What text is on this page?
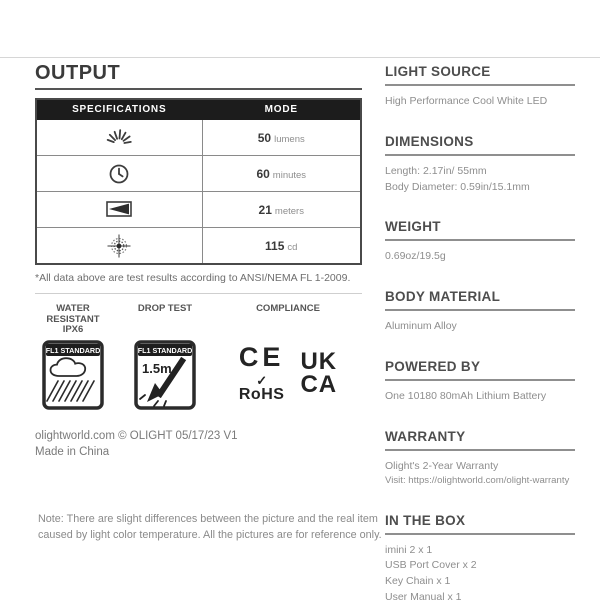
OUTPUT
SPECIFICATIONS	MODE
	50 lumens
	60 minutes
	21 meters
	115 cd
*All data above are test results according to ANSI/NEMA FL 1-2009.
WATER
RESISTANT
IPX6
FL1 STANDARD
DROP TEST
FL1 STANDARD
1.5m
COMPLIANCE
CE
✓
RoHS
UK
CA
olightworld.com © OLIGHT 05/17/23 V1
Made in China
Note: There are slight differences between the picture and the real item
caused by light color temperature. All the pictures are for reference only.
LIGHT SOURCE
High Performance Cool White LED
DIMENSIONS
Length: 2.17in/ 55mm
Body Diameter: 0.59in/15.1mm
WEIGHT
0.69oz/19.5g
BODY MATERIAL
Aluminum Alloy
POWERED BY
One 10180 80mAh Lithium Battery
WARRANTY
Olight's 2-Year Warranty
Visit: https://olightworld.com/olight-warranty
IN THE BOX
imini 2 x 1
USB Port Cover x 2
Key Chain x 1
User Manual x 1
